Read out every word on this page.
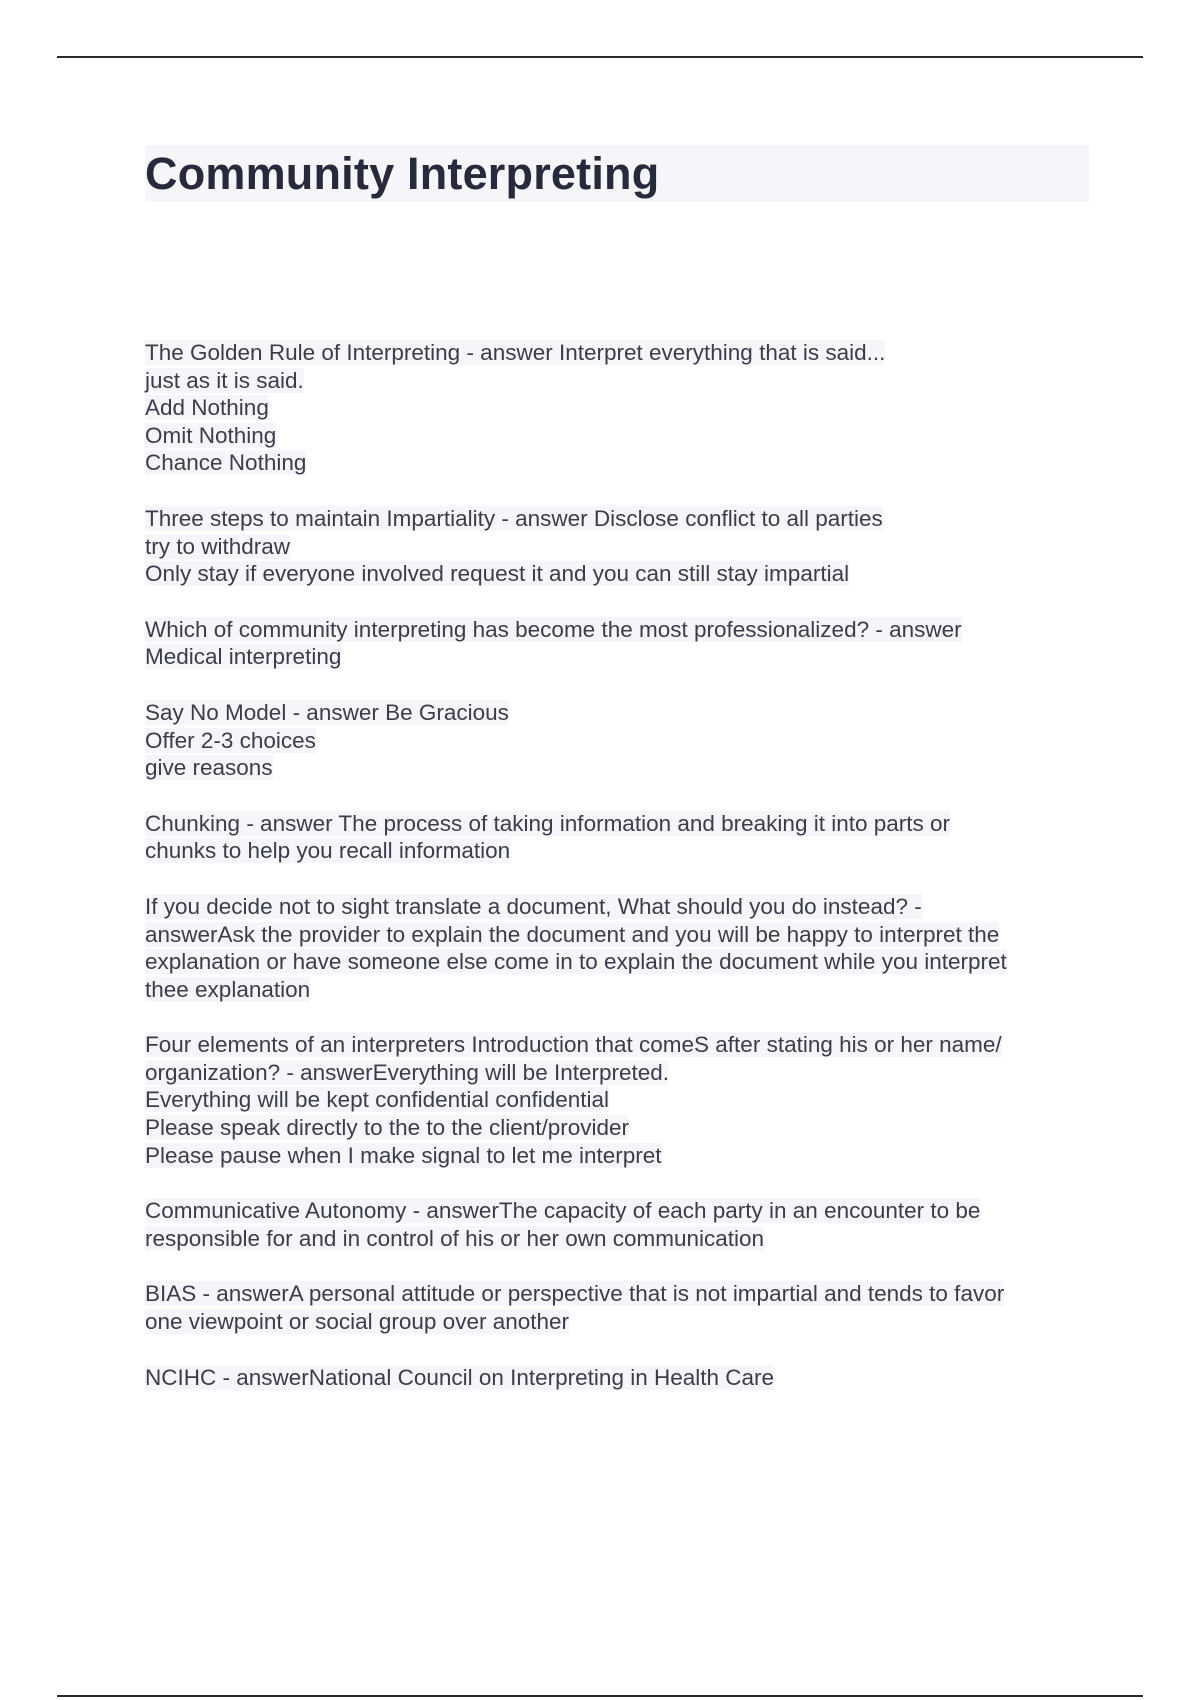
Community Interpreting
The Golden Rule of Interpreting - answer Interpret everything that is said...
just as it is said.
Add Nothing
Omit Nothing
Chance Nothing
Three steps to maintain Impartiality - answer Disclose conflict to all parties
try to withdraw
Only stay if everyone involved request it and you can still stay impartial
Which of community interpreting has become the most professionalized? - answer
Medical interpreting
Say No Model - answer Be Gracious
Offer 2-3 choices
give reasons
Chunking - answer The process of taking information and breaking it into parts or
chunks to help you recall information
If you decide not to sight translate a document, What should you do instead? -
answerAsk the provider to explain the document and you will be happy to interpret the
explanation or have someone else come in to explain the document while you interpret
thee explanation
Four elements of an interpreters Introduction that comeS after stating his or her name/
organization? - answerEverything will be Interpreted.
Everything will be kept confidential confidential
Please speak directly to the to the client/provider
Please pause when I make signal to let me interpret
Communicative Autonomy - answerThe capacity of each party in an encounter to be
responsible for and in control of his or her own communication
BIAS - answerA personal attitude or perspective that is not impartial and tends to favor
one viewpoint or social group over another
NCIHC - answerNational Council on Interpreting in Health Care
